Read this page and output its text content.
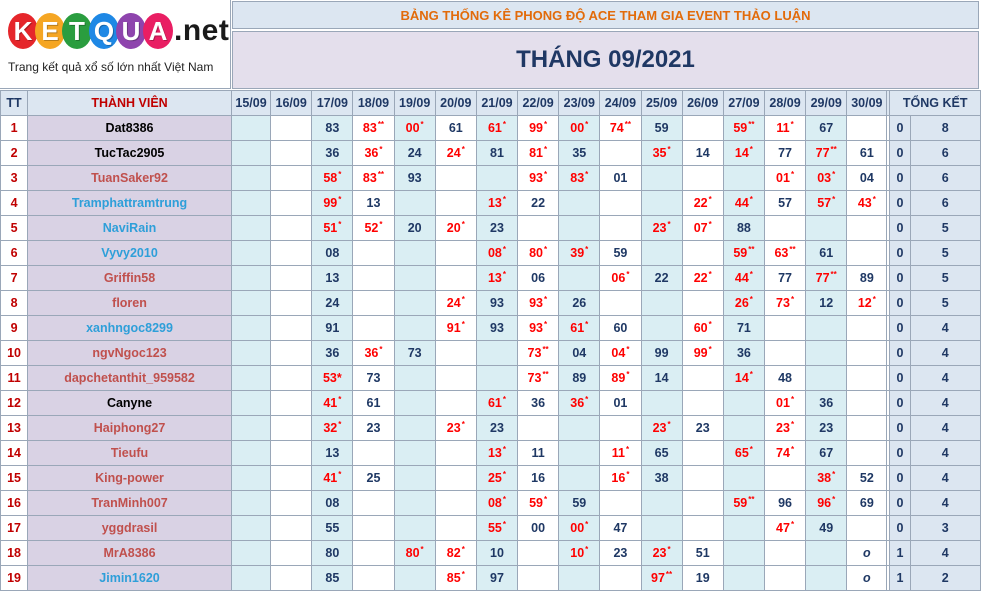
K E T Q U A .net
Trang kết quả xổ số lớn nhất Việt Nam
BẢNG THỐNG KÊ PHONG ĐỘ ACE THAM GIA EVENT THẢO LUẬN
THÁNG 09/2021
TT	THÀNH VIÊN	15/09	16/09	17/09	18/09	19/09	20/09	21/09	22/09	23/09	24/09	25/09	26/09	27/09	28/09	29/09	30/09		TỔNG KẾT	
1	Dat8386			83	83**	00*	61	61*	99*	00*	74**	59		59**	11*	67			0	8
2	TucTac2905			36	36*	24	24*	81	81*	35		35*	14	14*	77	77**	61		0	6
3	TuanSaker92			58*	83**	93			93*	83*	01				01*	03*	04		0	6
4	Tramphattramtrung			99*	13			13*	22				22*	44*	57	57*	43*		0	6
5	NaviRain			51*	52*	20	20*	23				23*	07*	88					0	5
6	Vyvy2010			08				08*	80*	39*	59			59**	63**	61			0	5
7	Griffin58			13				13*	06		06*	22	22*	44*	77	77**	89		0	5
8	floren			24			24*	93	93*	26				26*	73*	12	12*		0	5
9	xanhngoc8299			91			91*	93	93*	61*	60		60*	71					0	4
10	ngvNgoc123			36	36*	73			73**	04	04*	99	99*	36					0	4
11	dapchetanthit_959582			53*	73				73**	89	89*	14		14*	48				0	4
12	Canyne			41*	61			61*	36	36*	01				01*	36			0	4
13	Haiphong27			32*	23		23*	23				23*	23		23*	23			0	4
14	Tieufu			13				13*	11		11*	65		65*	74*	67			0	4
15	King-power			41*	25			25*	16		16*	38				38*	52		0	4
16	TranMinh007			08				08*	59*	59				59**	96	96*	69		0	4
17	yggdrasil			55				55*	00	00*	47				47*	49			0	3
18	MrA8386			80		80*	82*	10		10*	23	23*	51				o		1	4
19	Jimin1620			85			85*	97				97**	19				o		1	2
